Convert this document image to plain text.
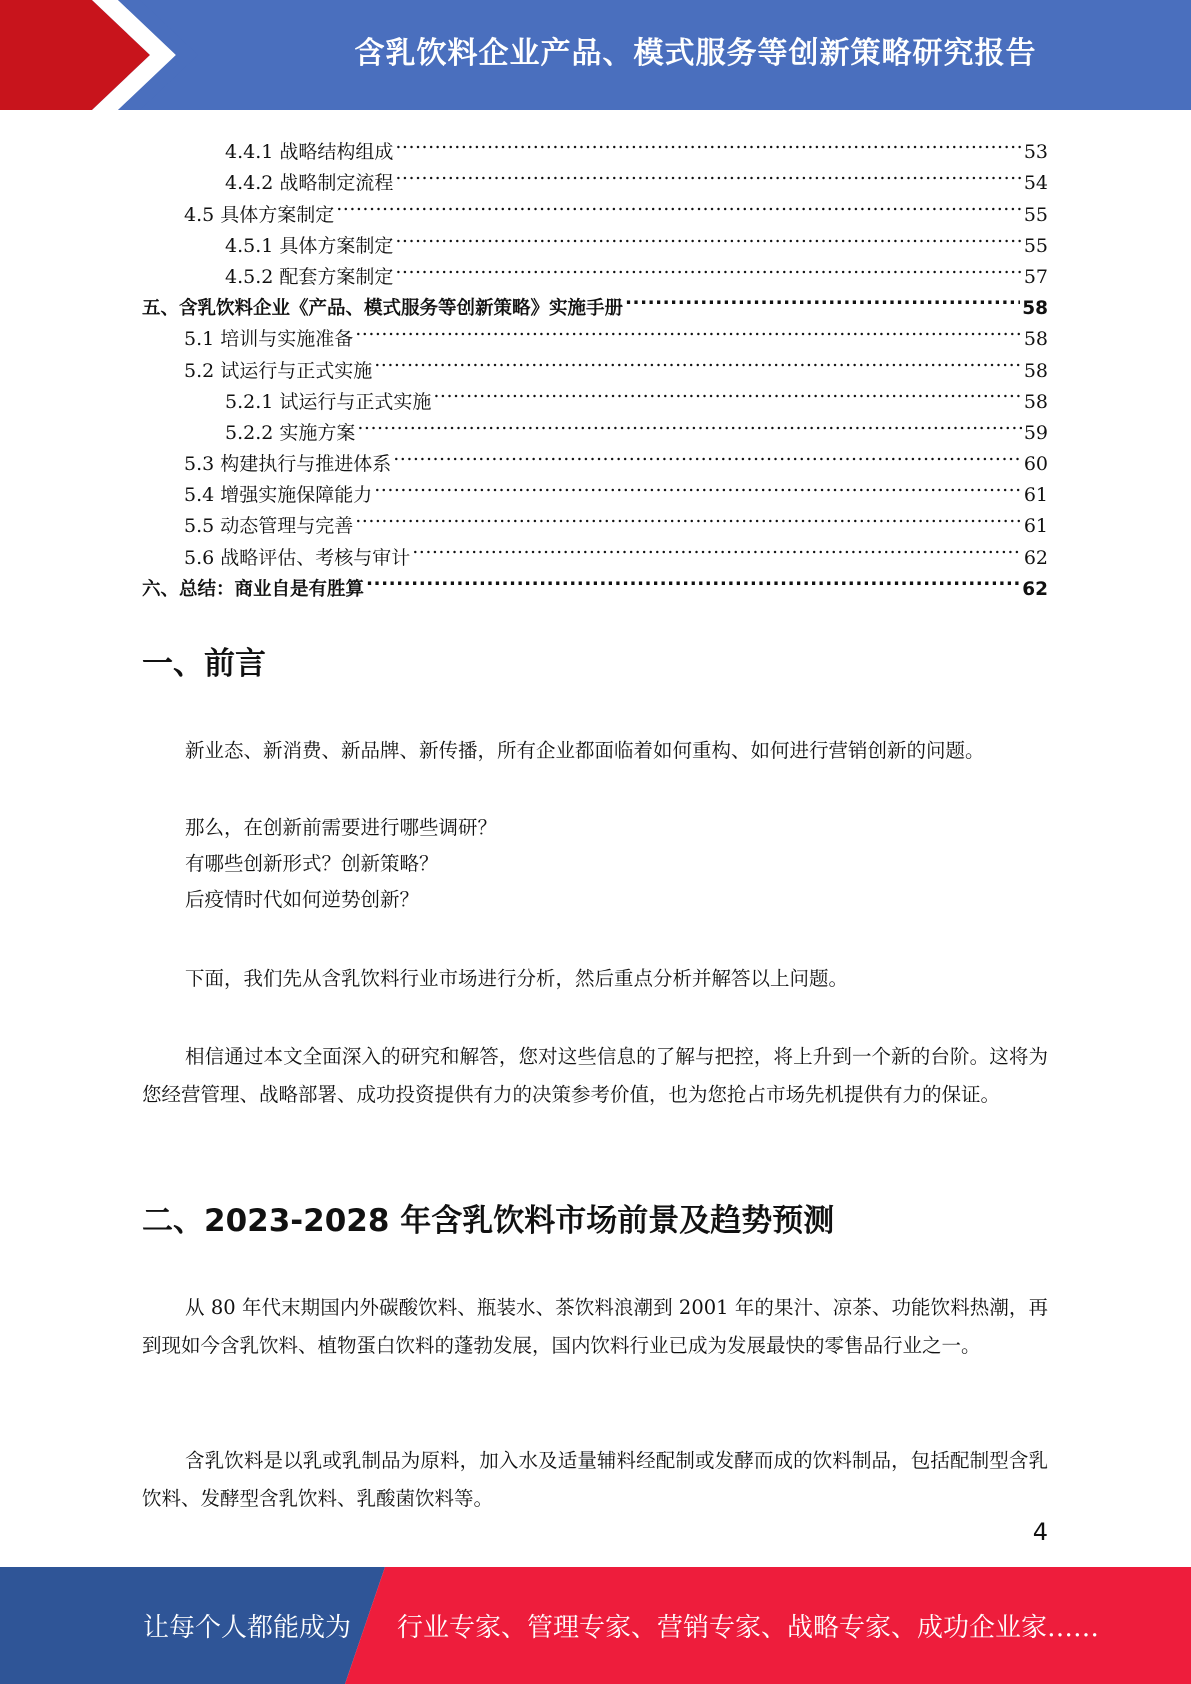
含乳饮料企业产品、模式服务等创新策略研究报告
4.4.1 战略结构组成 .....	53
4.4.2 战略制定流程 .....	54
4.5 具体方案制定 .....	55
4.5.1 具体方案制定 .....	55
4.5.2 配套方案制定 .....	57
五、含乳饮料企业《产品、模式服务等创新策略》实施手册 .....	58
5.1 培训与实施准备 .....	58
5.2 试运行与正式实施 .....	58
5.2.1 试运行与正式实施 .....	58
5.2.2 实施方案 .....	59
5.3 构建执行与推进体系 .....	60
5.4 增强实施保障能力 .....	61
5.5 动态管理与完善 .....	61
5.6 战略评估、考核与审计 .....	62
六、总结：商业自是有胜算 .....	62
一、前言
新业态、新消费、新品牌、新传播，所有企业都面临着如何重构、如何进行营销创新的问题。
那么，在创新前需要进行哪些调研？
有哪些创新形式？创新策略？
后疫情时代如何逆势创新？
下面，我们先从含乳饮料行业市场进行分析，然后重点分析并解答以上问题。
相信通过本文全面深入的研究和解答，您对这些信息的了解与把控，将上升到一个新的台阶。这将为您经营管理、战略部署、成功投资提供有力的决策参考价值，也为您抢占市场先机提供有力的保证。
二、2023-2028 年含乳饮料市场前景及趋势预测
从 80 年代末期国内外碳酸饮料、瓶装水、茶饮料浪潮到 2001 年的果汁、凉茶、功能饮料热潮，再到现如今含乳饮料、植物蛋白饮料的蓬勃发展，国内饮料行业已成为发展最快的零售品行业之一。
含乳饮料是以乳或乳制品为原料，加入水及适量辅料经配制或发酵而成的饮料制品，包括配制型含乳饮料、发酵型含乳饮料、乳酸菌饮料等。
4
让每个人都能成为 行业专家、管理专家、营销专家、战略专家、成功企业家……
